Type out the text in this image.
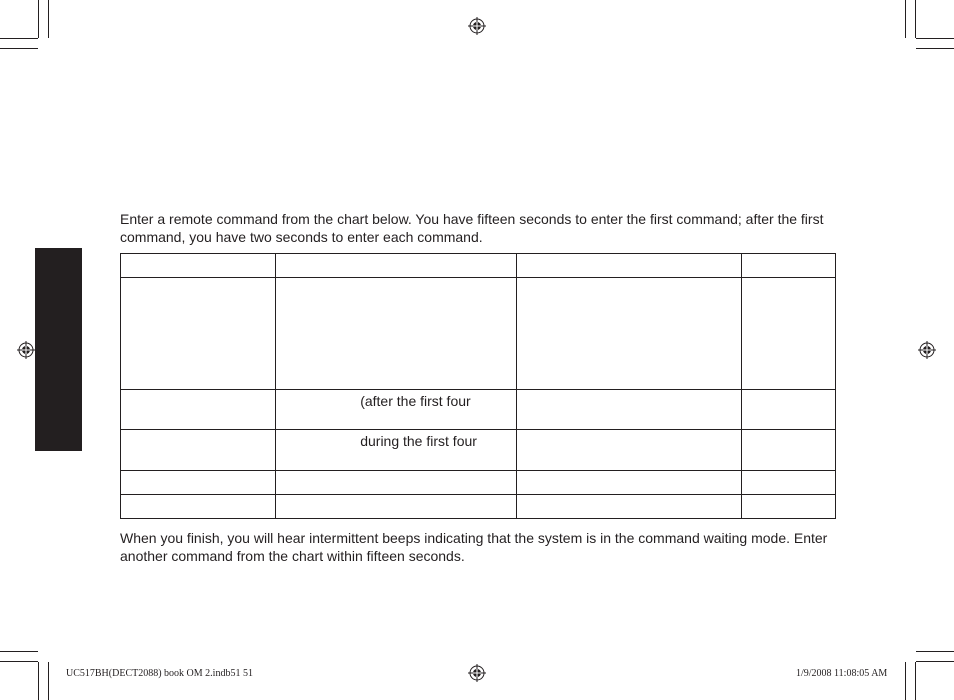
Enter a remote command from the chart below. You have fifteen seconds to enter the first command; after the first command, you have two seconds to enter each command.

	(after the first four		

	during the first four		

When you finish, you will hear intermittent beeps indicating that the system is in the command waiting mode. Enter another command from the chart within fifteen seconds.

UC517BH(DECT2088) book OM 2.indb51 51	1/9/2008 11:08:05 AM
